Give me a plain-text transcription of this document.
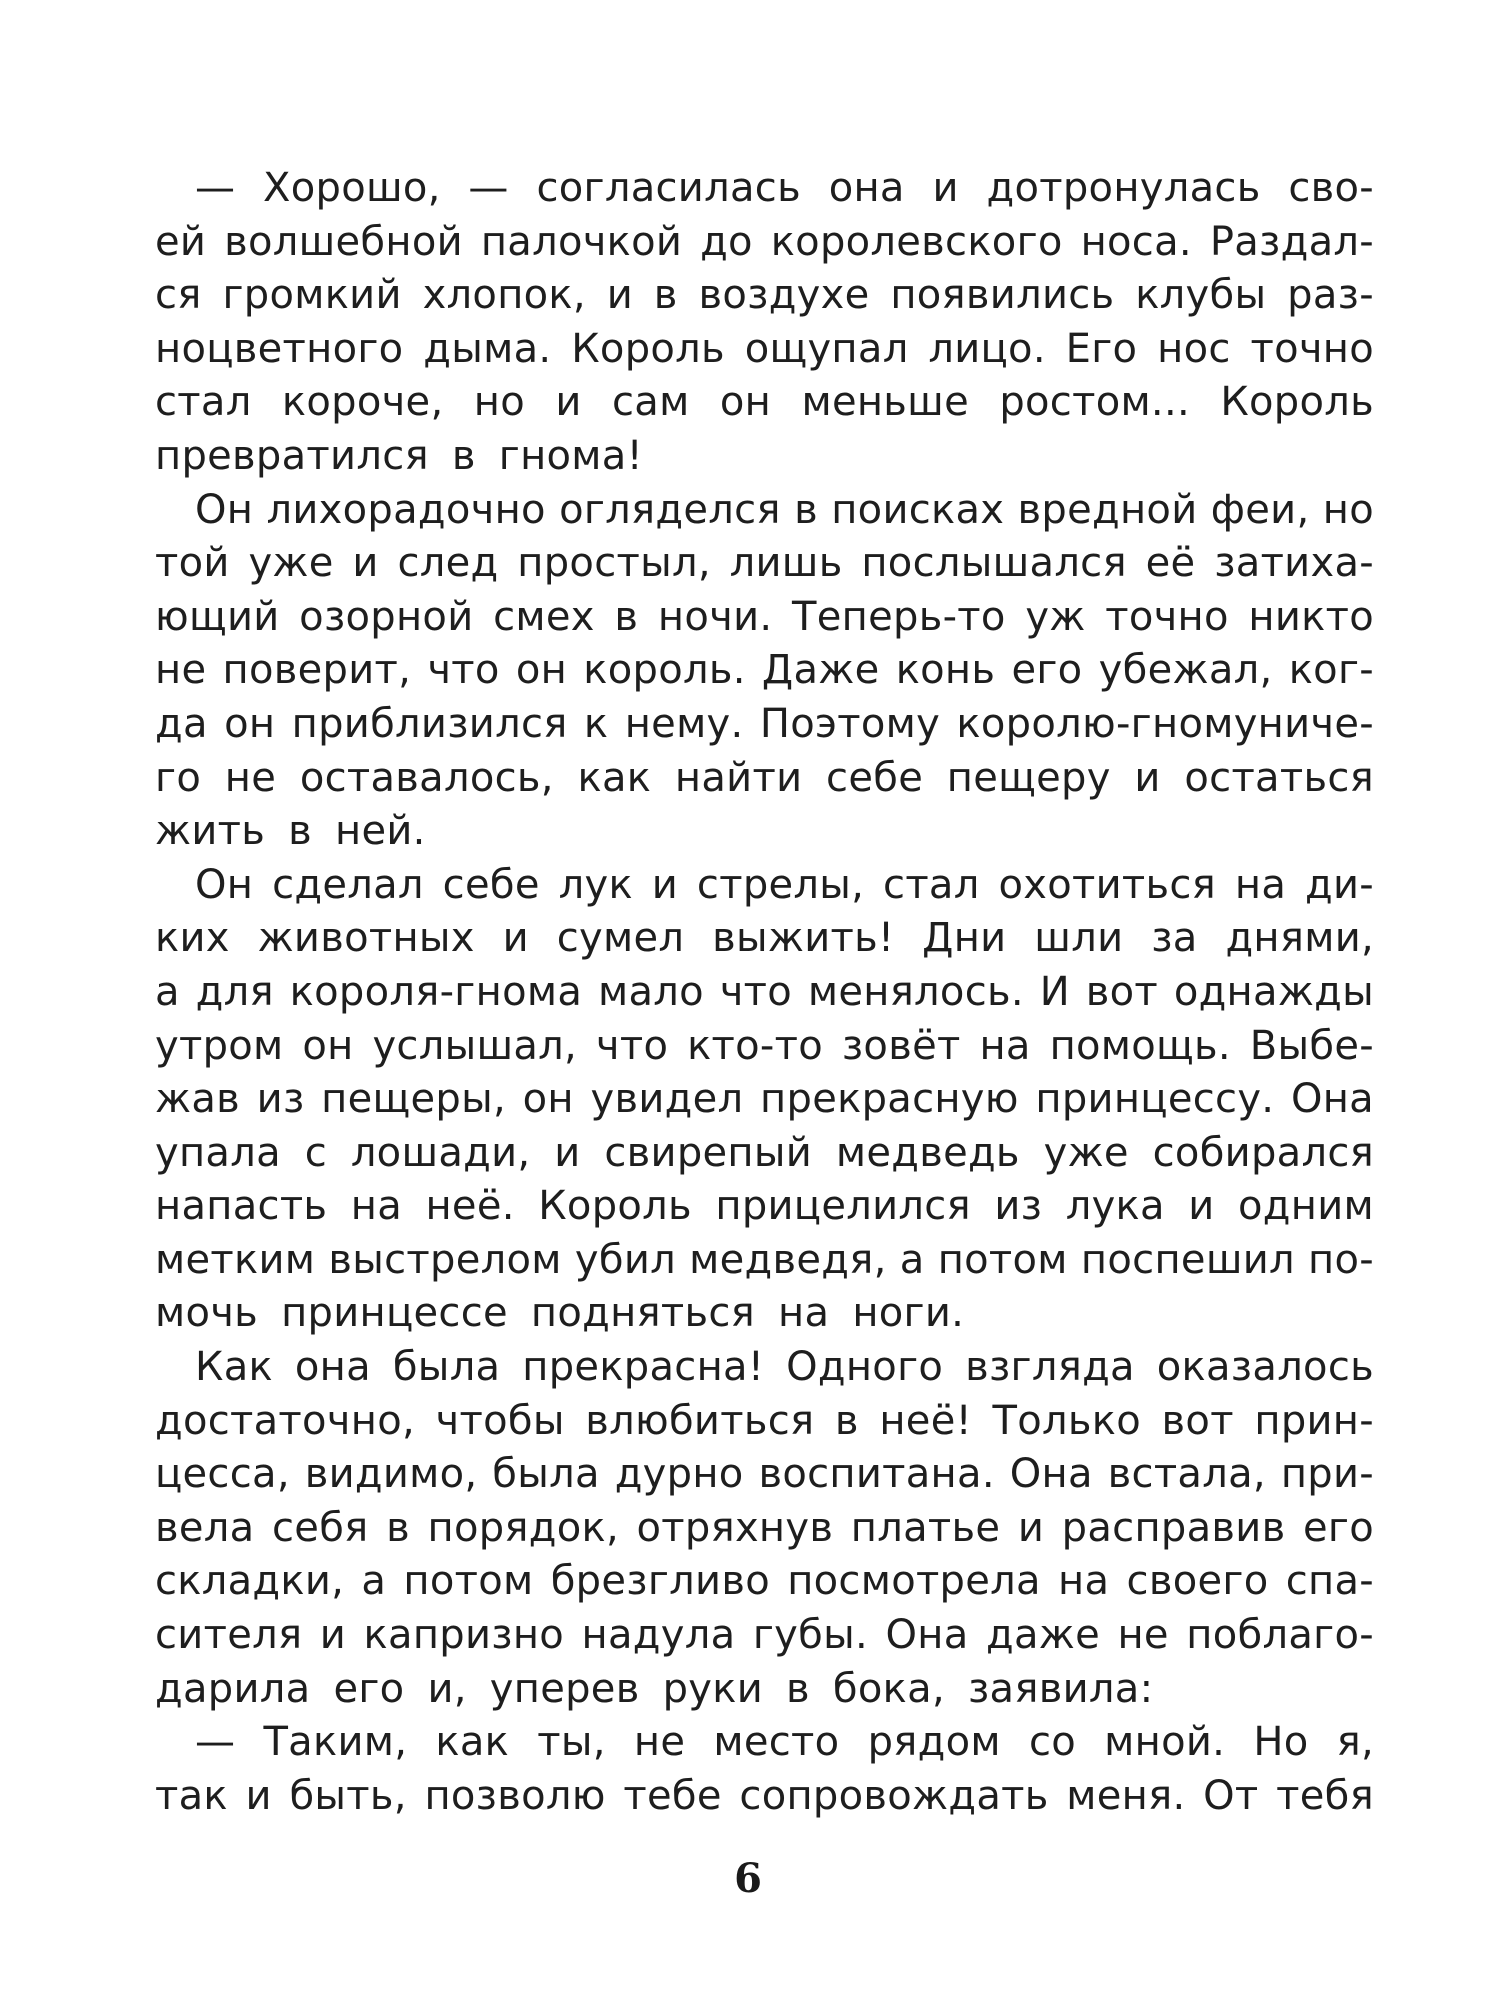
— Хорошо, — согласилась она и дотронулась сво-
ей волшебной палочкой до королевского носа. Раздал-
ся громкий хлопок, и в воздухе появились клубы раз-
ноцветного дыма. Король ощупал лицо. Его нос точно
стал короче, но и сам он меньше ростом... Король
превратился в гнома!
Он лихорадочно огляделся в поисках вредной феи, но
той уже и след простыл, лишь послышался её затиха-
ющий озорной смех в ночи. Теперь-то уж точно никто
не поверит, что он король. Даже конь его убежал, ког-
да он приблизился к нему. Поэтому королю-гномуниче-
го не оставалось, как найти себе пещеру и остаться
жить в ней.
Он сделал себе лук и стрелы, стал охотиться на ди-
ких животных и сумел выжить! Дни шли за днями,
а для короля-гнома мало что менялось. И вот однажды
утром он услышал, что кто-то зовёт на помощь. Выбе-
жав из пещеры, он увидел прекрасную принцессу. Она
упала с лошади, и свирепый медведь уже собирался
напасть на неё. Король прицелился из лука и одним
метким выстрелом убил медведя, а потом поспешил по-
мочь принцессе подняться на ноги.
Как она была прекрасна! Одного взгляда оказалось
достаточно, чтобы влюбиться в неё! Только вот прин-
цесса, видимо, была дурно воспитана. Она встала, при-
вела себя в порядок, отряхнув платье и расправив его
складки, а потом брезгливо посмотрела на своего спа-
сителя и капризно надула губы. Она даже не поблаго-
дарила его и, уперев руки в бока, заявила:
— Таким, как ты, не место рядом со мной. Но я,
так и быть, позволю тебе сопровождать меня. От тебя
6
